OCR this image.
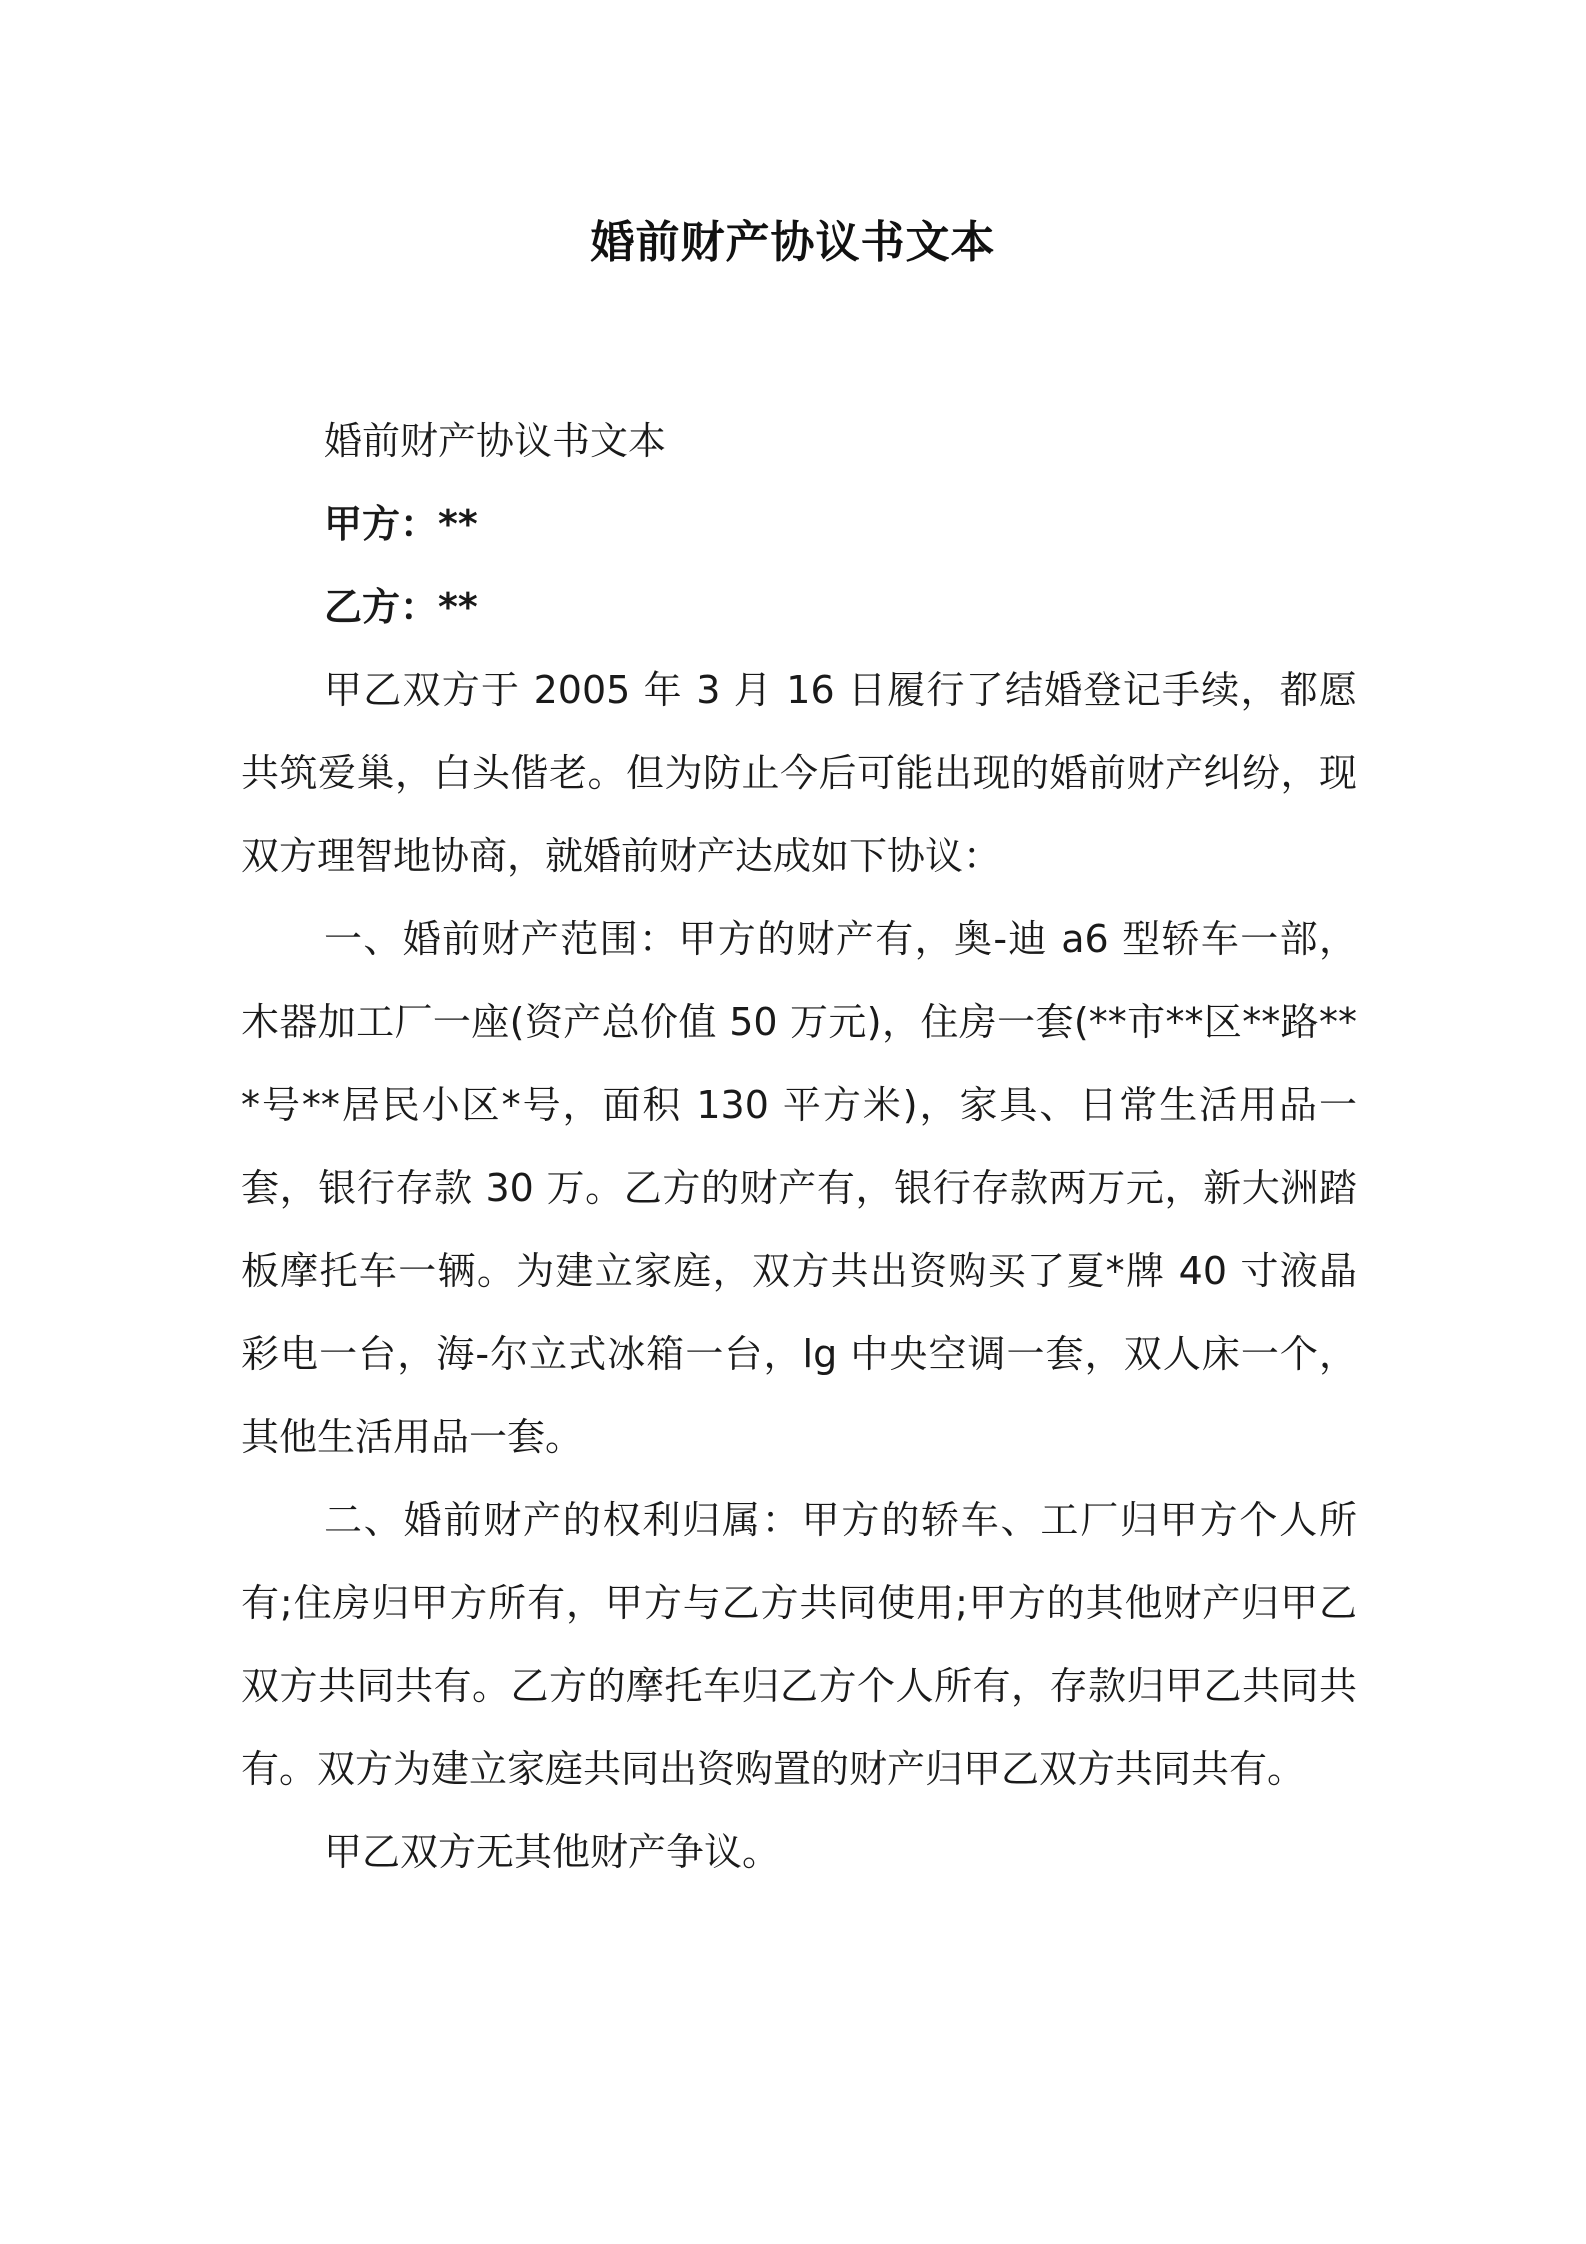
婚前财产协议书文本

婚前财产协议书文本

甲方：**

乙方：**

甲乙双方于 2005 年 3 月 16 日履行了结婚登记手续，都愿共筑爱巢，白头偕老。但为防止今后可能出现的婚前财产纠纷，现双方理智地协商，就婚前财产达成如下协议：

一、婚前财产范围：甲方的财产有，奥-迪 a6 型轿车一部，木器加工厂一座(资产总价值 50 万元)，住房一套(**市**区**路***号**居民小区*号，面积 130 平方米)，家具、日常生活用品一套，银行存款 30 万。乙方的财产有，银行存款两万元，新大洲踏板摩托车一辆。为建立家庭，双方共出资购买了夏*牌 40 寸液晶彩电一台，海-尔立式冰箱一台，lg 中央空调一套，双人床一个，其他生活用品一套。

二、婚前财产的权利归属：甲方的轿车、工厂归甲方个人所有;住房归甲方所有，甲方与乙方共同使用;甲方的其他财产归甲乙双方共同共有。乙方的摩托车归乙方个人所有，存款归甲乙共同共有。双方为建立家庭共同出资购置的财产归甲乙双方共同共有。

甲乙双方无其他财产争议。
